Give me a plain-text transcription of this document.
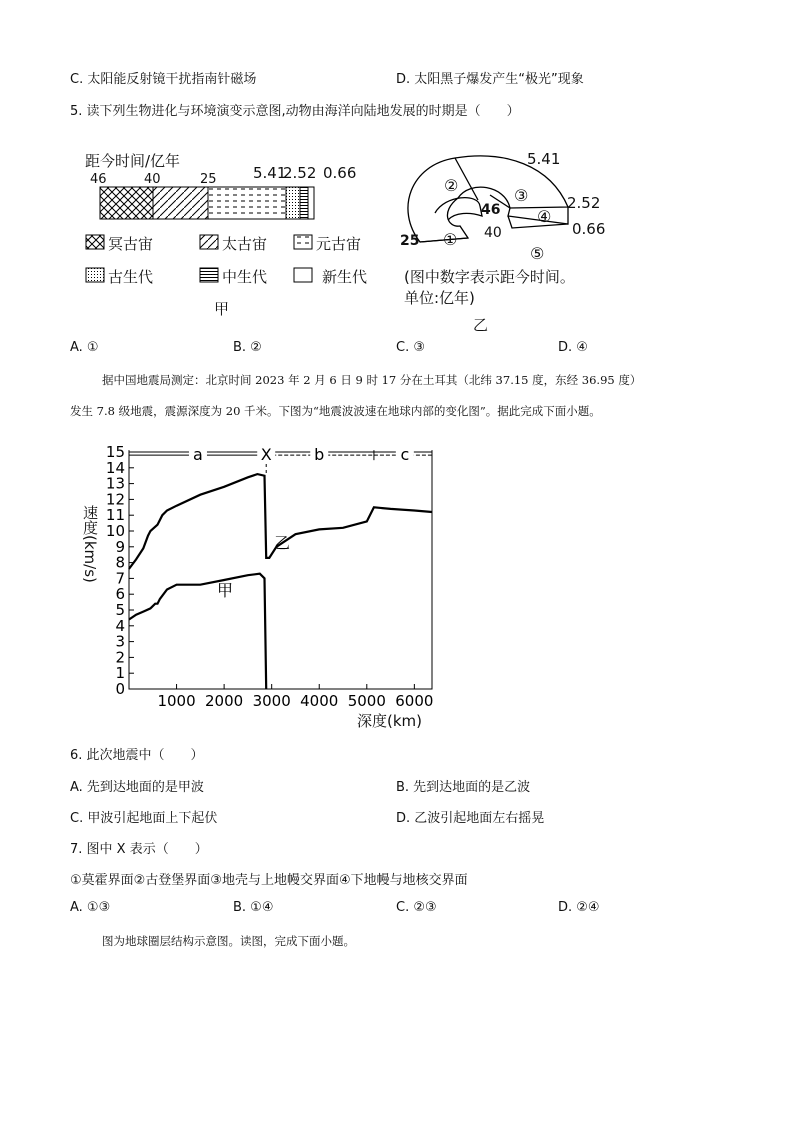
C. 太阳能反射镜干扰指南针磁场	D. 太阳黑子爆发产生“极光”现象
5. 读下列生物进化与环境演变示意图,动物由海洋向陆地发展的时期是（　　）
距今时间/亿年
46	40	25 5.41
2.52 0.66
冥古宙	太古宙	元古宙
古生代	中生代	新生代
甲
5.41
2.52
0.66
46
40
25 ①
②
③
④
⑤
(图中数字表示距今时间。
单位:亿年)
乙
A. ①	B. ②	C. ③	D. ④
据中国地震局测定：北京时间 2023 年 2 月 6 日 9 时 17 分在土耳其（北纬 37.15 度，东经 36.95 度）
发生 7.8 级地震，震源深度为 20 千米。下图为“地震波波速在地球内部的变化图”。据此完成下面小题。
0
1
2
3
4
5
6
7
8
9
10
11
12
13
14
15
1000 2000 3000 4000 5000 6000
乙
甲
a	X	b	c
速度(km/s)
深度(km)
6. 此次地震中（　　）
A. 先到达地面的是甲波	B. 先到达地面的是乙波
C. 甲波引起地面上下起伏	D. 乙波引起地面左右摇晃
7. 图中 X 表示（　　）
①莫霍界面②古登堡界面③地壳与上地幔交界面④下地幔与地核交界面
A. ①③	B. ①④	C. ②③	D. ②④
图为地球圈层结构示意图。读图，完成下面小题。
